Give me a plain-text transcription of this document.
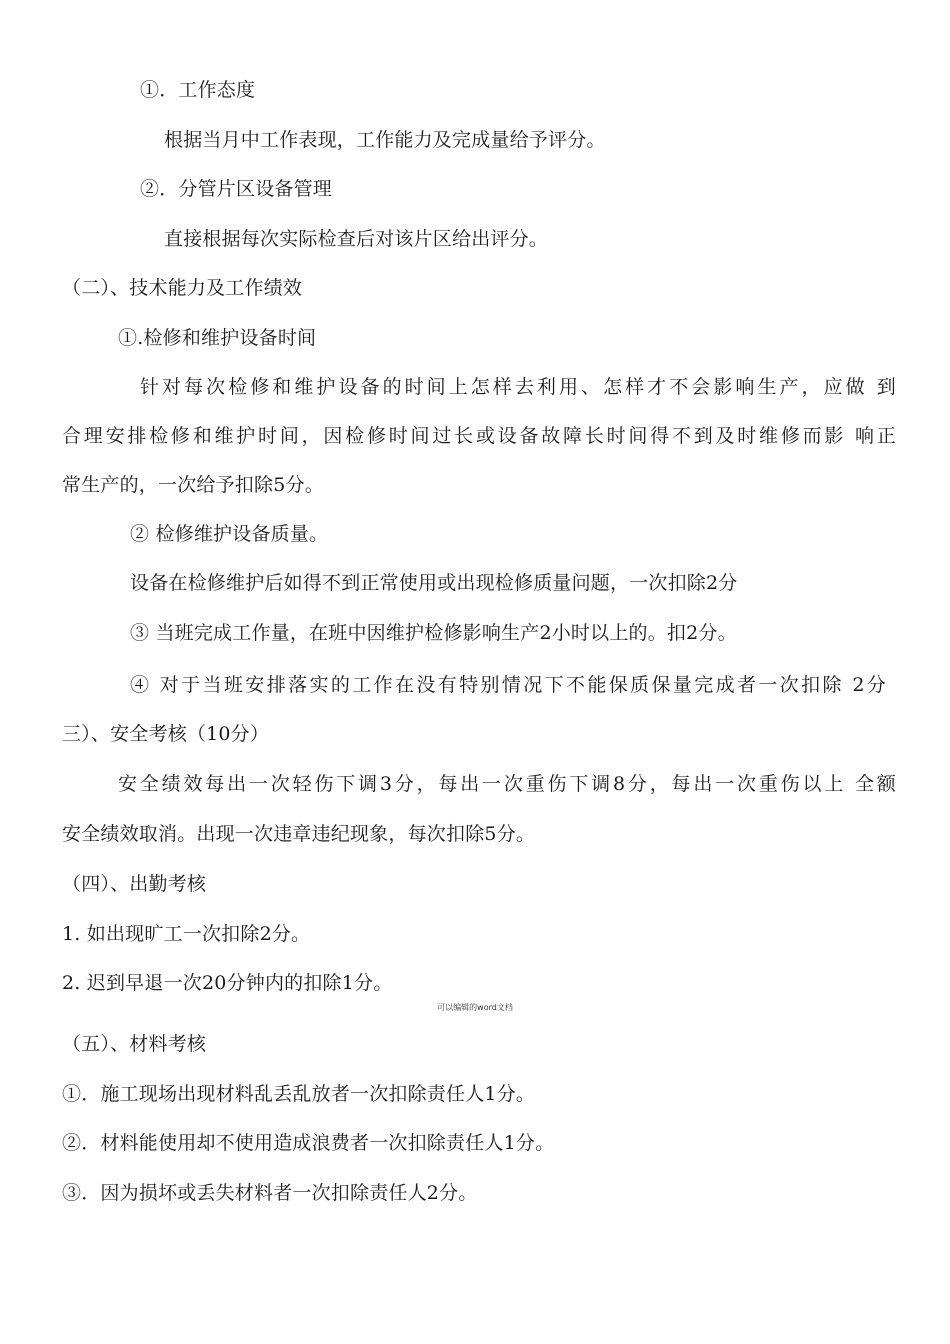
①．工作态度
根据当月中工作表现，工作能力及完成量给予评分。
②．分管片区设备管理
直接根据每次实际检查后对该片区给出评分。
（二）、技术能力及工作绩效
①.检修和维护设备时间
针对每次检修和维护设备的时间上怎样去利用、怎样才不会影响生产，应做 到
合理安排检修和维护时间，因检修时间过长或设备故障长时间得不到及时维修而影 响正
常生产的，一次给予扣除5分。
② 检修维护设备质量。
设备在检修维护后如得不到正常使用或出现检修质量问题，一次扣除2分
③ 当班完成工作量，在班中因维护检修影响生产2小时以上的。扣2分。
④ 对于当班安排落实的工作在没有特别情况下不能保质保量完成者一次扣除 2分
三）、安全考核（10分）
安全绩效每出一次轻伤下调3分，每出一次重伤下调8分，每出一次重伤以上 全额
安全绩效取消。出现一次违章违纪现象，每次扣除5分。
（四）、出勤考核
1. 如出现旷工一次扣除2分。
2. 迟到早退一次20分钟内的扣除1分。
可以编辑的word文档
（五）、材料考核
①．施工现场出现材料乱丢乱放者一次扣除责任人1分。
②．材料能使用却不使用造成浪费者一次扣除责任人1分。
③．因为损坏或丢失材料者一次扣除责任人2分。
